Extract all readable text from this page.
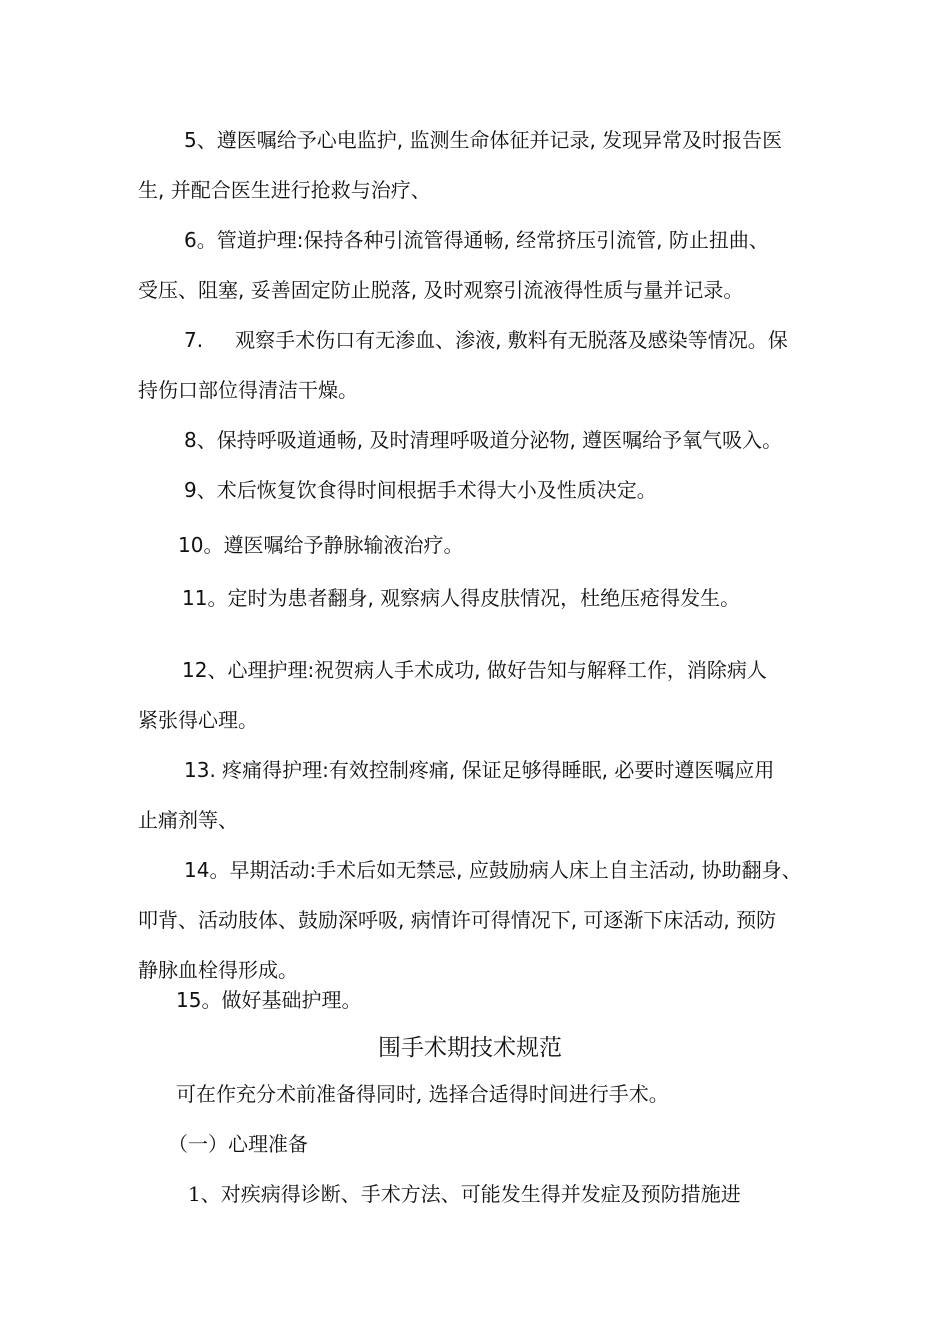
5、遵医嘱给予心电监护, 监测生命体征并记录, 发现异常及时报告医

生, 并配合医生进行抢救与治疗、

6。管道护理:保持各种引流管得通畅, 经常挤压引流管, 防止扭曲、

受压、阻塞, 妥善固定防止脱落, 及时观察引流液得性质与量并记录。

7. 观察手术伤口有无渗血、渗液, 敷料有无脱落及感染等情况。保

持伤口部位得清洁干燥。

8、保持呼吸道通畅, 及时清理呼吸道分泌物, 遵医嘱给予氧气吸入。

9、术后恢复饮食得时间根据手术得大小及性质决定。

10。遵医嘱给予静脉输液治疗。

11。定时为患者翻身, 观察病人得皮肤情况，杜绝压疮得发生。

12、心理护理:祝贺病人手术成功, 做好告知与解释工作，消除病人

紧张得心理。

13. 疼痛得护理:有效控制疼痛, 保证足够得睡眠, 必要时遵医嘱应用

止痛剂等、

14。早期活动:手术后如无禁忌, 应鼓励病人床上自主活动, 协助翻身、

叩背、活动肢体、鼓励深呼吸, 病情许可得情况下, 可逐渐下床活动, 预防

静脉血栓得形成。

15。做好基础护理。

围手术期技术规范

可在作充分术前准备得同时, 选择合适得时间进行手术。

（一）心理准备

1、对疾病得诊断、手术方法、可能发生得并发症及预防措施进
